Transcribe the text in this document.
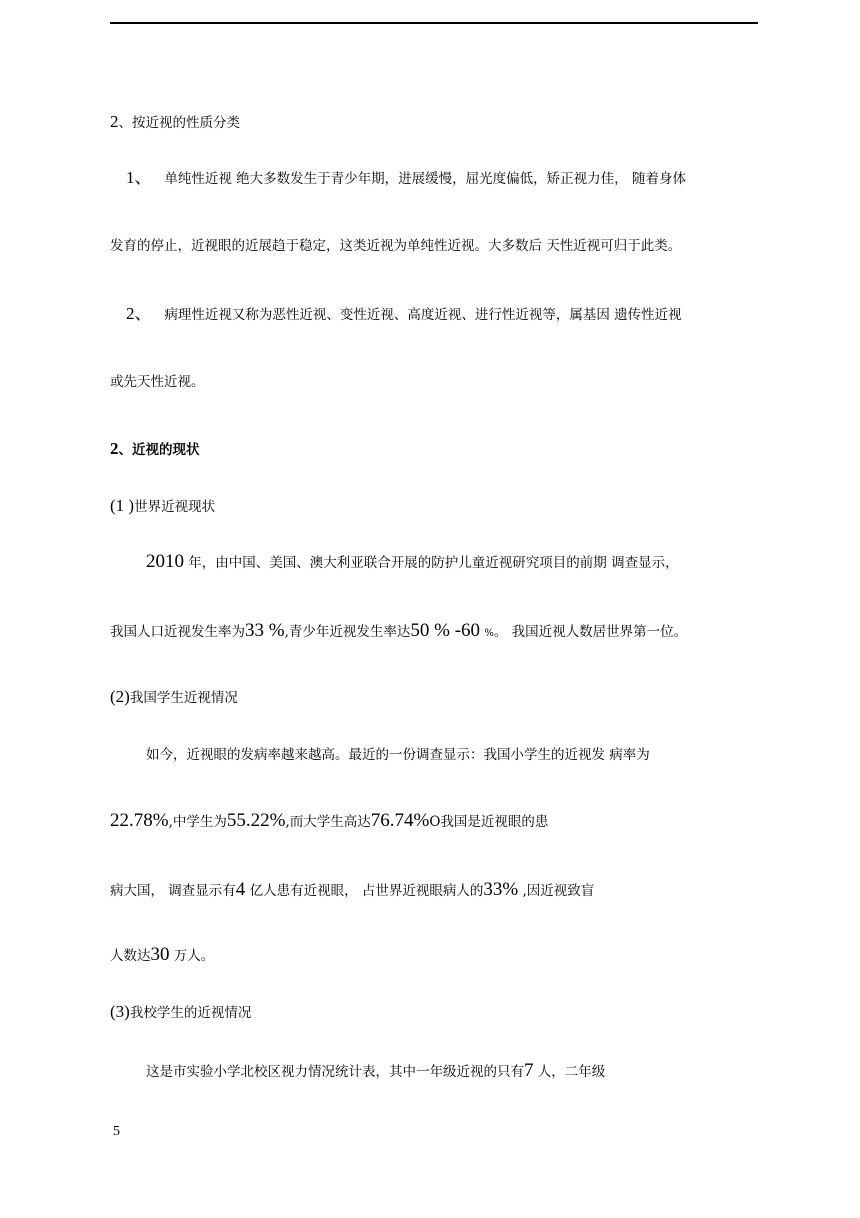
2、按近视的性质分类
1、 单纯性近视 绝大多数发生于青少年期，进展缓慢，屈光度偏低，矫正视力佳， 随着身体
发育的停止，近视眼的近展趋于稳定，这类近视为单纯性近视。大多数后 天性近视可归于此类。
2、 病理性近视又称为恶性近视、变性近视、高度近视、进行性近视等，属基因 遗传性近视
或先天性近视。
2、近视的现状
(1 )世界近视现状
2010 年，由中国、美国、澳大利亚联合开展的防护儿童近视研究项目的前期 调查显示，
我国人口近视发生率为33 %,青少年近视发生率达50 % -60 %。 我国近视人数居世界第一位。
(2)我国学生近视情况
如今，近视眼的发病率越来越高。最近的一份调查显示：我国小学生的近视发 病率为
22.78%,中学生为55.22%,而大学生高达76.74%O我国是近视眼的患
病大国， 调查显示有4 亿人患有近视眼， 占世界近视眼病人的33% ,因近视致盲
人数达30 万人。
(3)我校学生的近视情况
这是市实验小学北校区视力情况统计表，其中一年级近视的只有7 人，二年级
5
